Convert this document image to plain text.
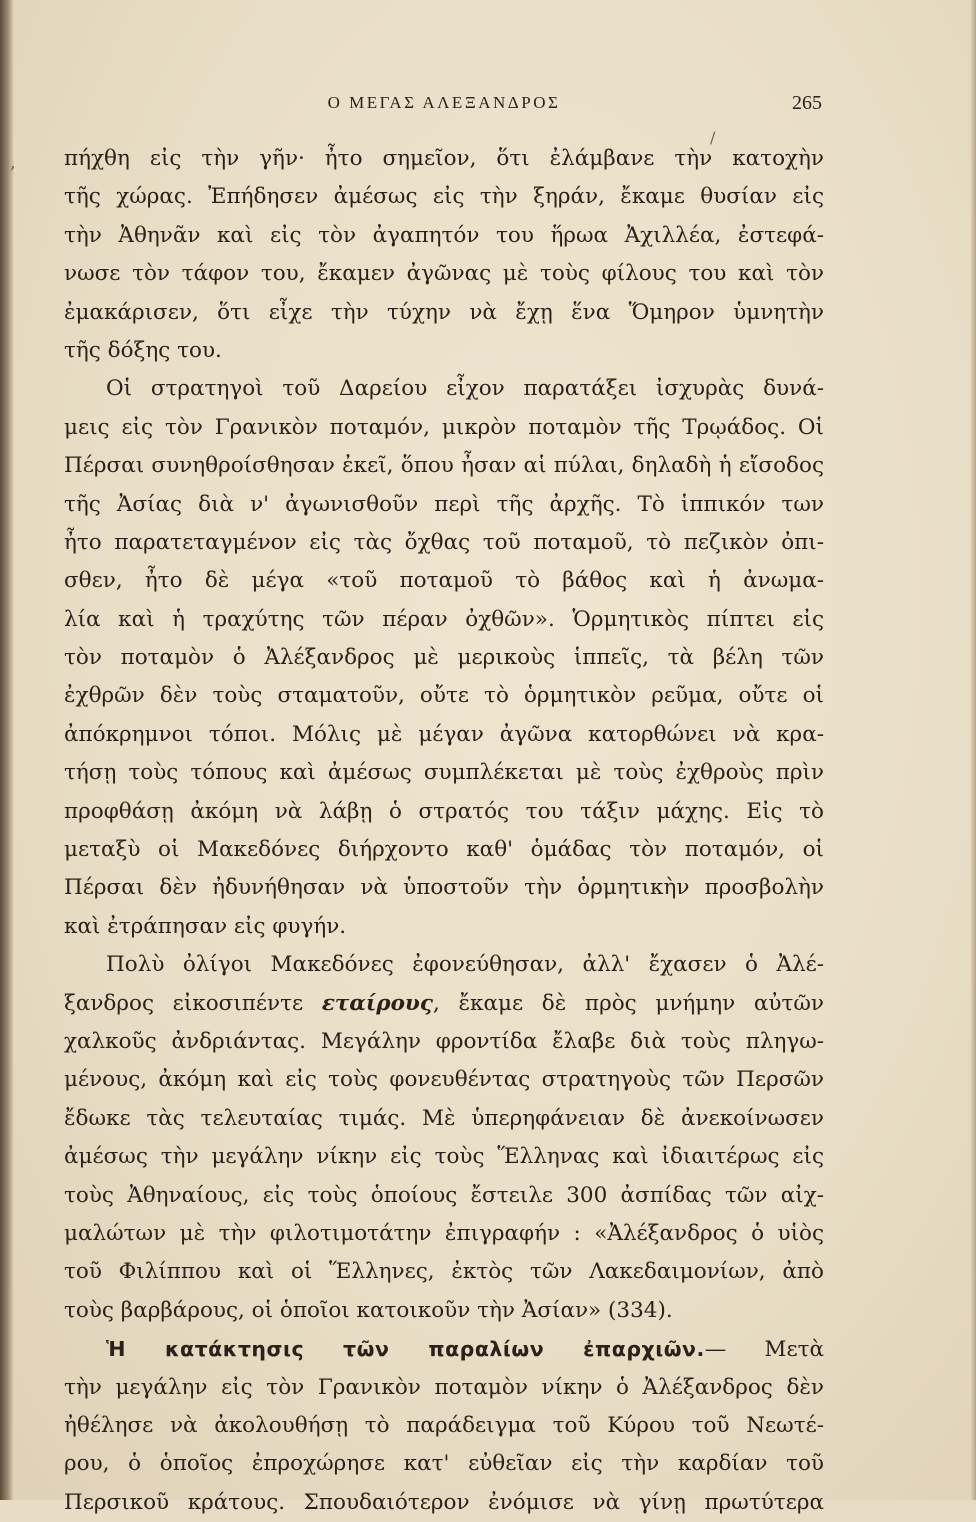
Ο ΜΕΓΑΣ ΑΛΕΞΑΝΔΡΟΣ	265
,
/
πήχθη εἰς τὴν γῆν· ἦτο σημεῖον, ὅτι ἐλάμβανε τὴν κατοχὴν
τῆς χώρας. Ἐπήδησεν ἀμέσως εἰς τὴν ξηράν, ἔκαμε θυσίαν εἰς
τὴν Ἀθηνᾶν καὶ εἰς τὸν ἀγαπητόν του ἥρωα Ἀχιλλέα, ἐστεφά-
νωσε τὸν τάφον του, ἔκαμεν ἀγῶνας μὲ τοὺς φίλους του καὶ τὸν
ἐμακάρισεν, ὅτι εἶχε τὴν τύχην νὰ ἔχῃ ἕνα Ὅμηρον ὑμνητὴν
τῆς δόξης του.
Οἱ στρατηγοὶ τοῦ Δαρείου εἶχον παρατάξει ἰσχυρὰς δυνά-
μεις εἰς τὸν Γρανικὸν ποταμόν, μικρὸν ποταμὸν τῆς Τρῳάδος. Οἱ
Πέρσαι συνηθροίσθησαν ἐκεῖ, ὅπου ἦσαν αἱ πύλαι, δηλαδὴ ἡ εἴσοδος
τῆς Ἀσίας διὰ ν' ἀγωνισθοῦν περὶ τῆς ἀρχῆς. Τὸ ἱππικόν των
ἦτο παρατεταγμένον εἰς τὰς ὄχθας τοῦ ποταμοῦ, τὸ πεζικὸν ὀπι-
σθεν, ἦτο δὲ μέγα «τοῦ ποταμοῦ τὸ βάθος καὶ ἡ ἀνωμα-
λία καὶ ἡ τραχύτης τῶν πέραν ὀχθῶν». Ὁρμητικὸς πίπτει εἰς
τὸν ποταμὸν ὁ Ἀλέξανδρος μὲ μερικοὺς ἱππεῖς, τὰ βέλη τῶν
ἐχθρῶν δὲν τοὺς σταματοῦν, οὔτε τὸ ὁρμητικὸν ρεῦμα, οὔτε οἱ
ἀπόκρημνοι τόποι. Μόλις μὲ μέγαν ἀγῶνα κατορθώνει νὰ κρα-
τήσῃ τοὺς τόπους καὶ ἀμέσως συμπλέκεται μὲ τοὺς ἐχθροὺς πρὶν
προφθάσῃ ἀκόμη νὰ λάβῃ ὁ στρατός του τάξιν μάχης. Εἰς τὸ
μεταξὺ οἱ Μακεδόνες διήρχοντο καθ' ὁμάδας τὸν ποταμόν, οἱ
Πέρσαι δὲν ἠδυνήθησαν νὰ ὑποστοῦν τὴν ὁρμητικὴν προσβολὴν
καὶ ἐτράπησαν εἰς φυγήν.
Πολὺ ὀλίγοι Μακεδόνες ἐφονεύθησαν, ἀλλ' ἔχασεν ὁ Ἀλέ-
ξανδρος εἰκοσιπέντε εταίρους, ἔκαμε δὲ πρὸς μνήμην αὐτῶν
χαλκοῦς ἀνδριάντας. Μεγάλην φροντίδα ἔλαβε διὰ τοὺς πληγω-
μένους, ἀκόμη καὶ εἰς τοὺς φονευθέντας στρατηγοὺς τῶν Περσῶν
ἔδωκε τὰς τελευταίας τιμάς. Μὲ ὑπερηφάνειαν δὲ ἀνεκοίνωσεν
ἀμέσως τὴν μεγάλην νίκην εἰς τοὺς Ἕλληνας καὶ ἰδιαιτέρως εἰς
τοὺς Ἀθηναίους, εἰς τοὺς ὁποίους ἔστειλε 300 ἀσπίδας τῶν αἰχ-
μαλώτων μὲ τὴν φιλοτιμοτάτην ἐπιγραφήν : «Ἀλέξανδρος ὁ υἱὸς
τοῦ Φιλίππου καὶ οἱ Ἕλληνες, ἐκτὸς τῶν Λακεδαιμονίων, ἀπὸ
τοὺς βαρβάρους, οἱ ὁποῖοι κατοικοῦν τὴν Ἀσίαν» (334).
Ἡ κατάκτησις τῶν παραλίων ἐπαρχιῶν.— Μετὰ
τὴν μεγάλην εἰς τὸν Γρανικὸν ποταμὸν νίκην ὁ Ἀλέξανδρος δὲν
ἠθέλησε νὰ ἀκολουθήσῃ τὸ παράδειγμα τοῦ Κύρου τοῦ Νεωτέ-
ρου, ὁ ὁποῖος ἐπροχώρησε κατ' εὐθεῖαν εἰς τὴν καρδίαν τοῦ
Περσικοῦ κράτους. Σπουδαιότερον ἐνόμισε νὰ γίνῃ πρωτύτερα
